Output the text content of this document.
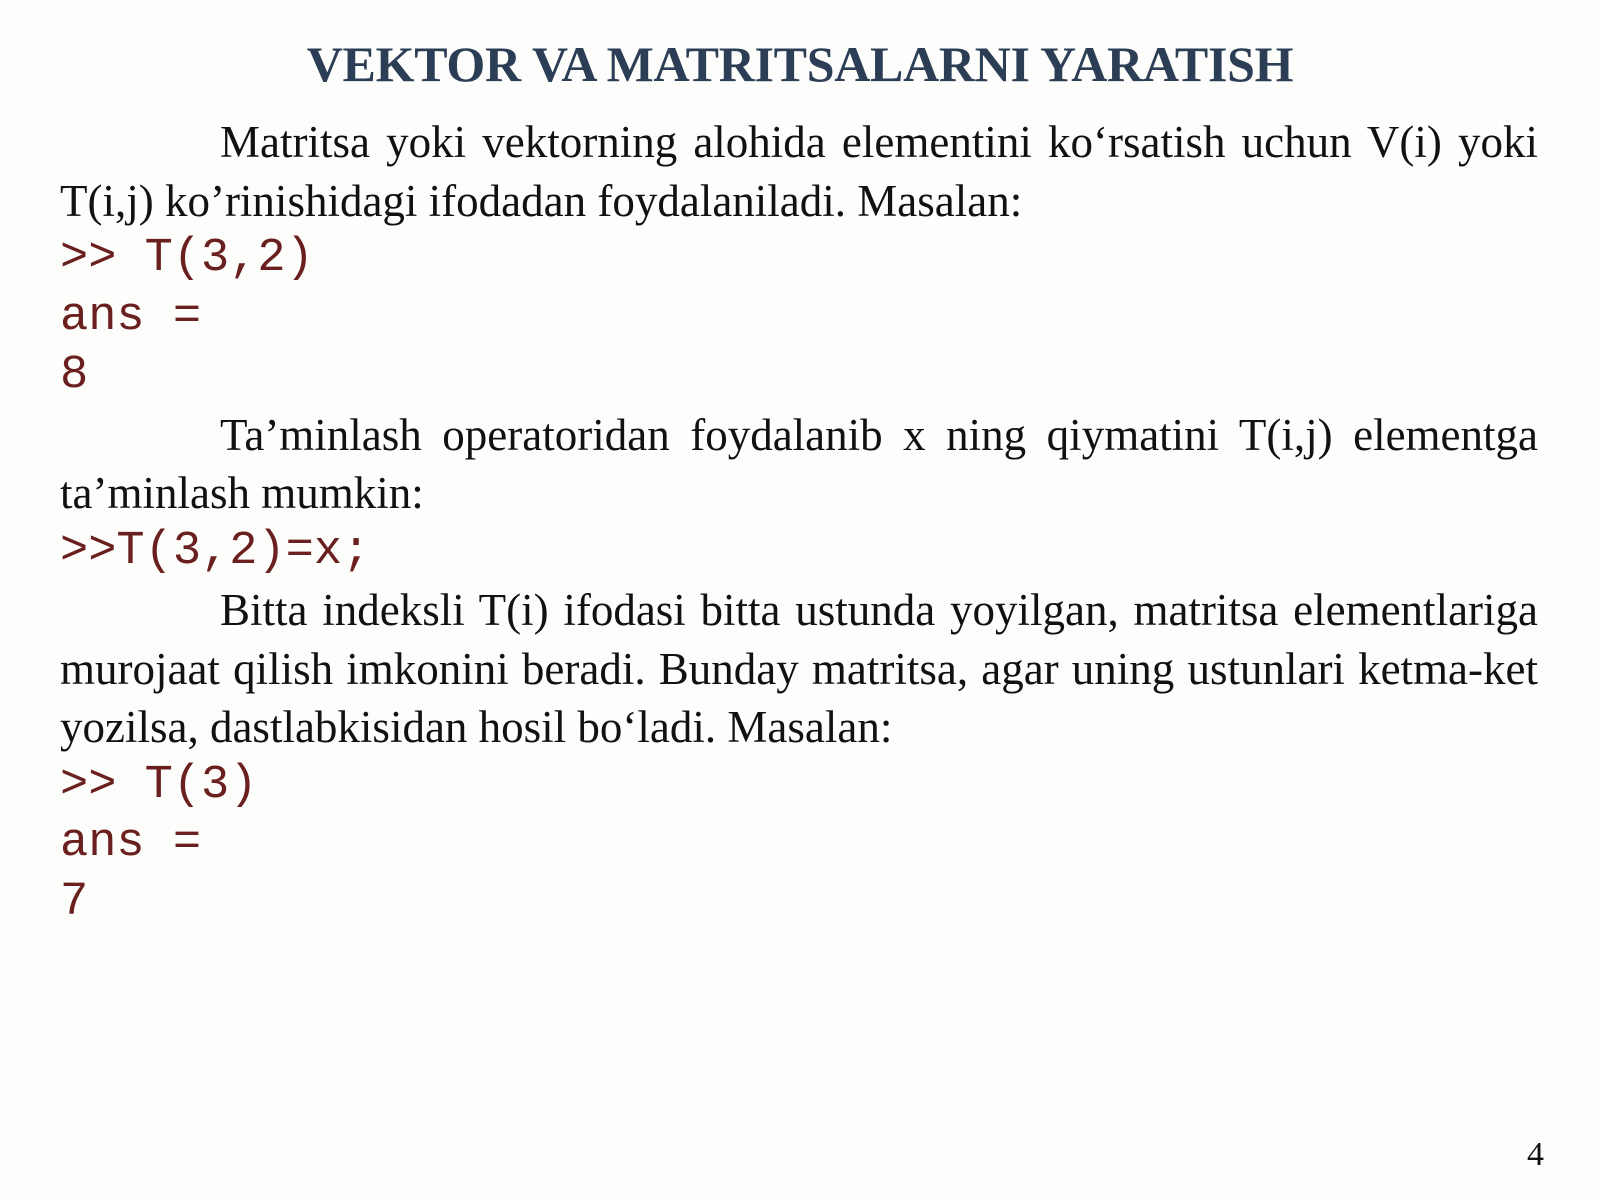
VEKTOR VA MATRITSALARNI YARATISH

Matritsa yoki vektorning alohida elementini ko‘rsatish uchun V(i) yoki T(i,j) ko’rinishidagi ifodadan foydalaniladi. Masalan:

>> T(3,2)
ans =
8

Ta’minlash operatoridan foydalanib x ning qiymatini T(i,j) elementga ta’minlash mumkin:

>>T(3,2)=x;

Bitta indeksli T(i) ifodasi bitta ustunda yoyilgan, matritsa elementlariga murojaat qilish imkonini beradi. Bunday matritsa, agar uning ustunlari ketma-ket yozilsa, dastlabkisidan hosil bo‘ladi. Masalan:

>> T(3)
ans =
7
4
